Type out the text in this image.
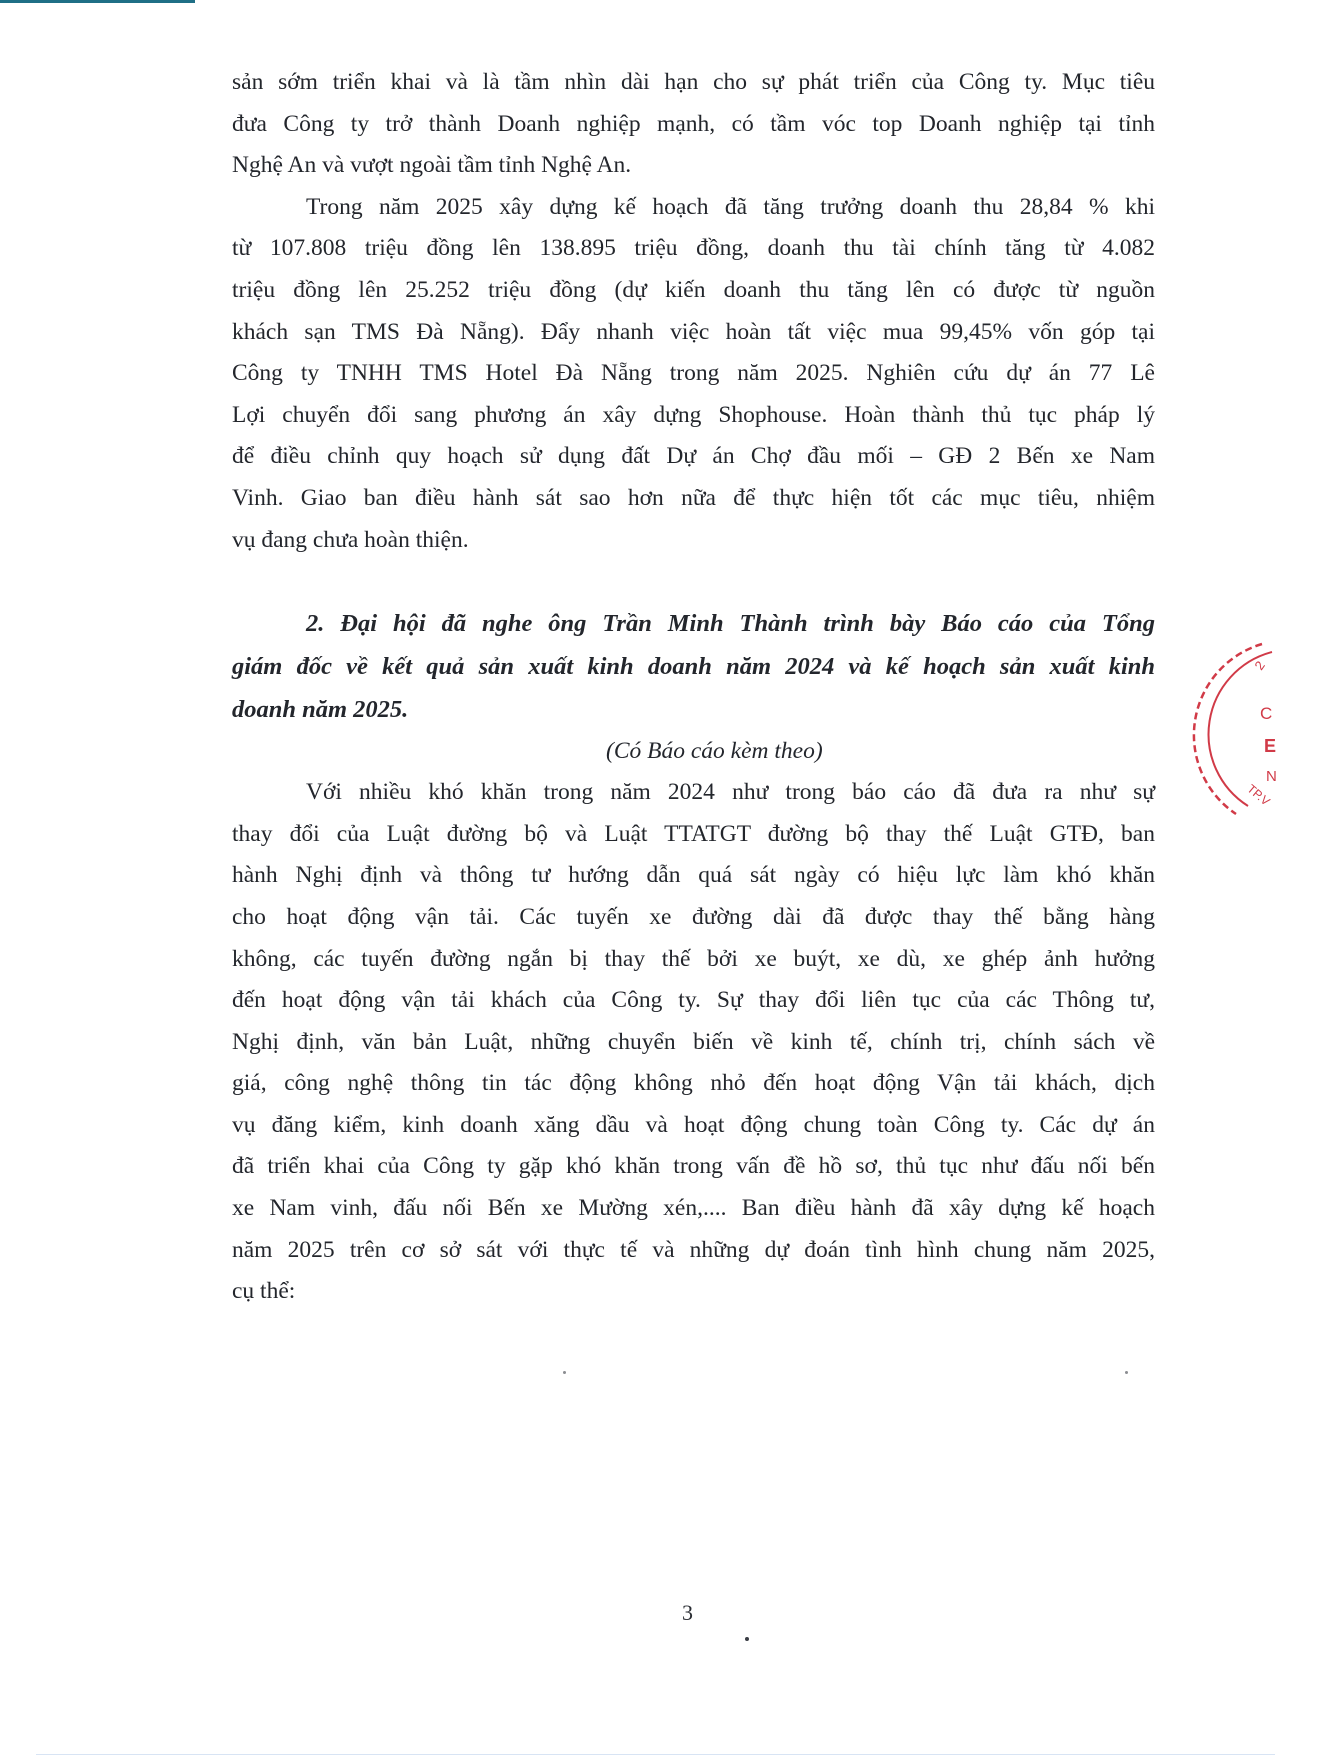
sản sớm triển khai và là tầm nhìn dài hạn cho sự phát triển của Công ty. Mục tiêu

đưa Công ty trở thành Doanh nghiệp mạnh, có tầm vóc top Doanh nghiệp tại tỉnh

Nghệ An và vượt ngoài tầm tỉnh Nghệ An.

Trong năm 2025 xây dựng kế hoạch đã tăng trưởng doanh thu 28,84 % khi

từ 107.808 triệu đồng lên 138.895 triệu đồng, doanh thu tài chính tăng từ 4.082

triệu đồng lên 25.252 triệu đồng (dự kiến doanh thu tăng lên có được từ nguồn

khách sạn TMS Đà Nẵng). Đẩy nhanh việc hoàn tất việc mua 99,45% vốn góp tại

Công ty TNHH TMS Hotel Đà Nẵng trong năm 2025. Nghiên cứu dự án 77 Lê

Lợi chuyển đổi sang phương án xây dựng Shophouse. Hoàn thành thủ tục pháp lý

để điều chỉnh quy hoạch sử dụng đất Dự án Chợ đầu mối – GĐ 2 Bến xe Nam

Vinh. Giao ban điều hành sát sao hơn nữa để thực hiện tốt các mục tiêu, nhiệm

vụ đang chưa hoàn thiện.

2. Đại hội đã nghe ông Trần Minh Thành trình bày Báo cáo của Tổng

giám đốc về kết quả sản xuất kinh doanh năm 2024 và kế hoạch sản xuất kinh

doanh năm 2025.

(Có Báo cáo kèm theo)

Với nhiều khó khăn trong năm 2024 như trong báo cáo đã đưa ra như sự

thay đổi của Luật đường bộ và Luật TTATGT đường bộ thay thế Luật GTĐ, ban

hành Nghị định và thông tư hướng dẫn quá sát ngày có hiệu lực làm khó khăn

cho hoạt động vận tải. Các tuyến xe đường dài đã được thay thế bằng hàng

không, các tuyến đường ngắn bị thay thế bởi xe buýt, xe dù, xe ghép ảnh hưởng

đến hoạt động vận tải khách của Công ty. Sự thay đổi liên tục của các Thông tư,

Nghị định, văn bản Luật, những chuyển biến về kinh tế, chính trị, chính sách về

giá, công nghệ thông tin tác động không nhỏ đến hoạt động Vận tải khách, dịch

vụ đăng kiểm, kinh doanh xăng dầu và hoạt động chung toàn Công ty. Các dự án

đã triển khai của Công ty gặp khó khăn trong vấn đề hồ sơ, thủ tục như đấu nối bến

xe Nam vinh, đấu nối Bến xe Mường xén,.... Ban điều hành đã xây dựng kế hoạch

năm 2025 trên cơ sở sát với thực tế và những dự đoán tình hình chung năm 2025,

cụ thể:

2
C
E
N
TP.V
3
